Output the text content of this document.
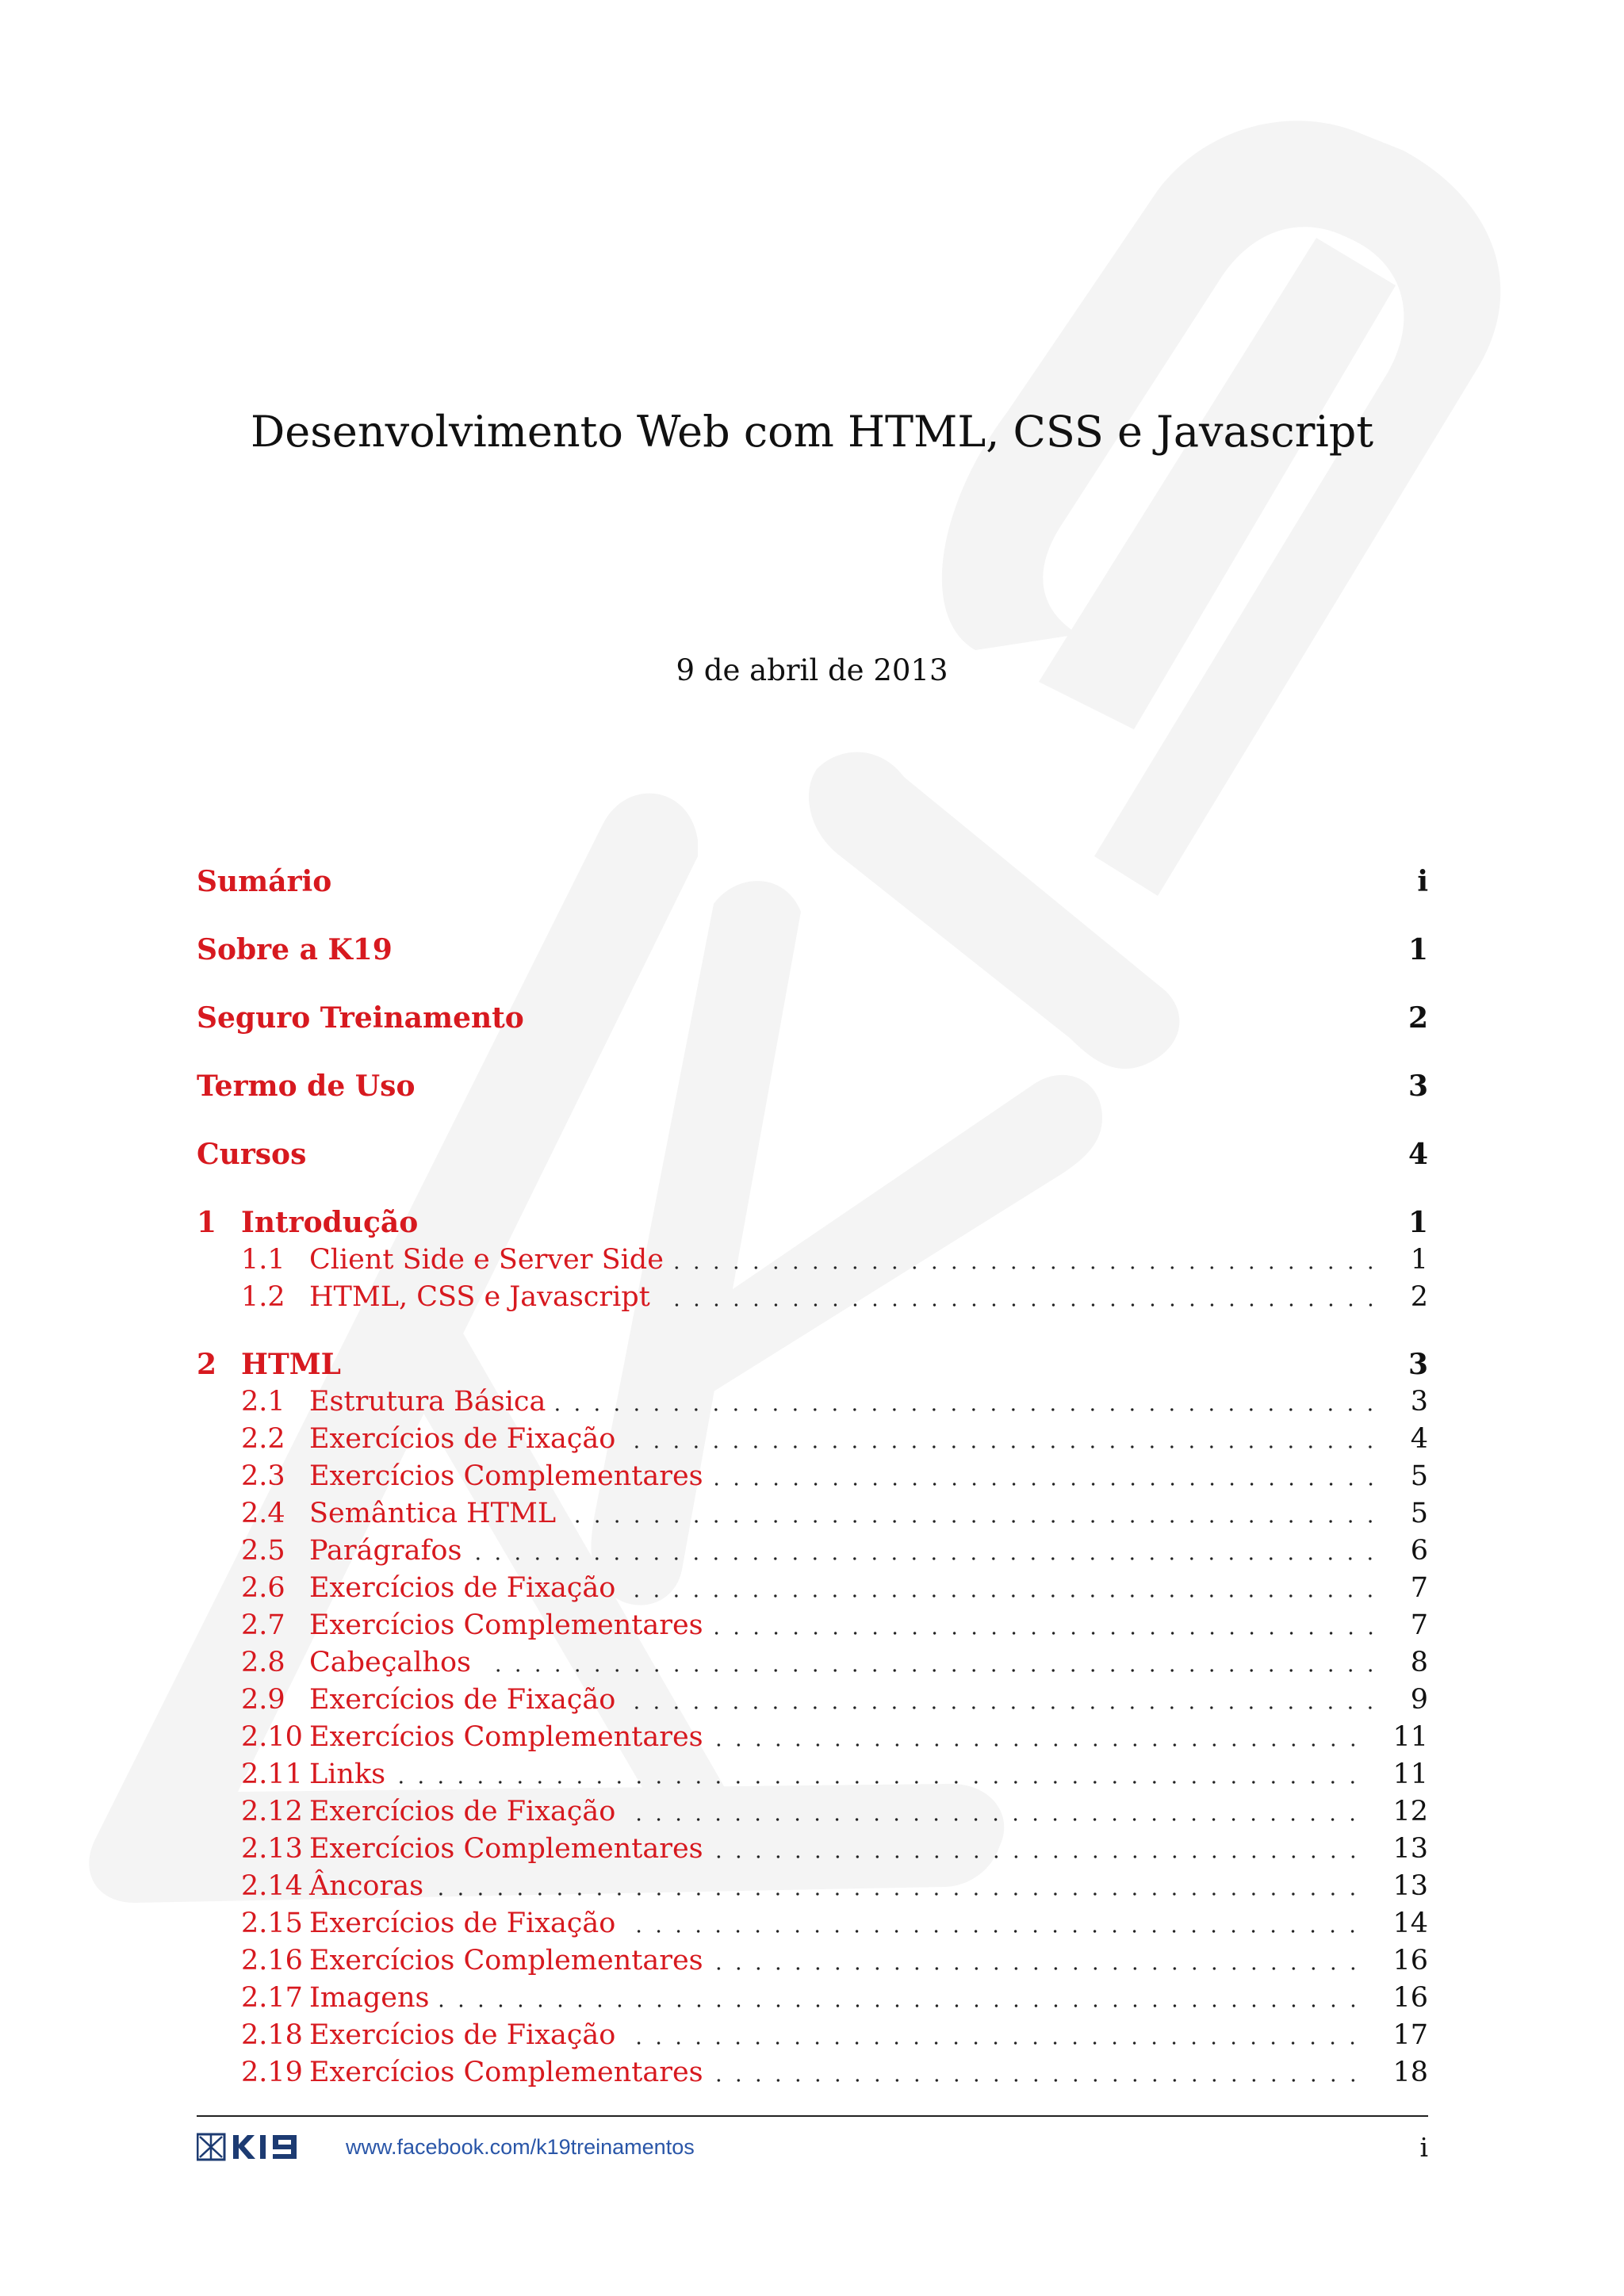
Desenvolvimento Web com HTML, CSS e Javascript
9 de abril de 2013
Sumário	i
Sobre a K19	1
Seguro Treinamento	2
Termo de Uso	3
Cursos	4
1 Introdução	1
1.1 Client Side e Server Side	1
1.2 HTML, CSS e Javascript	2
2 HTML	3
2.1 Estrutura Básica	3
2.2 Exercícios de Fixação	4
2.3 Exercícios Complementares	5
2.4 Semântica HTML	5
2.5 Parágrafos	6
2.6 Exercícios de Fixação	7
2.7 Exercícios Complementares	7
2.8 Cabeçalhos	8
2.9 Exercícios de Fixação	9
2.10 Exercícios Complementares	11
2.11 Links	11
2.12 Exercícios de Fixação	12
2.13 Exercícios Complementares	13
2.14 Âncoras	13
2.15 Exercícios de Fixação	14
2.16 Exercícios Complementares	16
2.17 Imagens	16
2.18 Exercícios de Fixação	17
2.19 Exercícios Complementares	18
www.facebook.com/k19treinamentos	i
